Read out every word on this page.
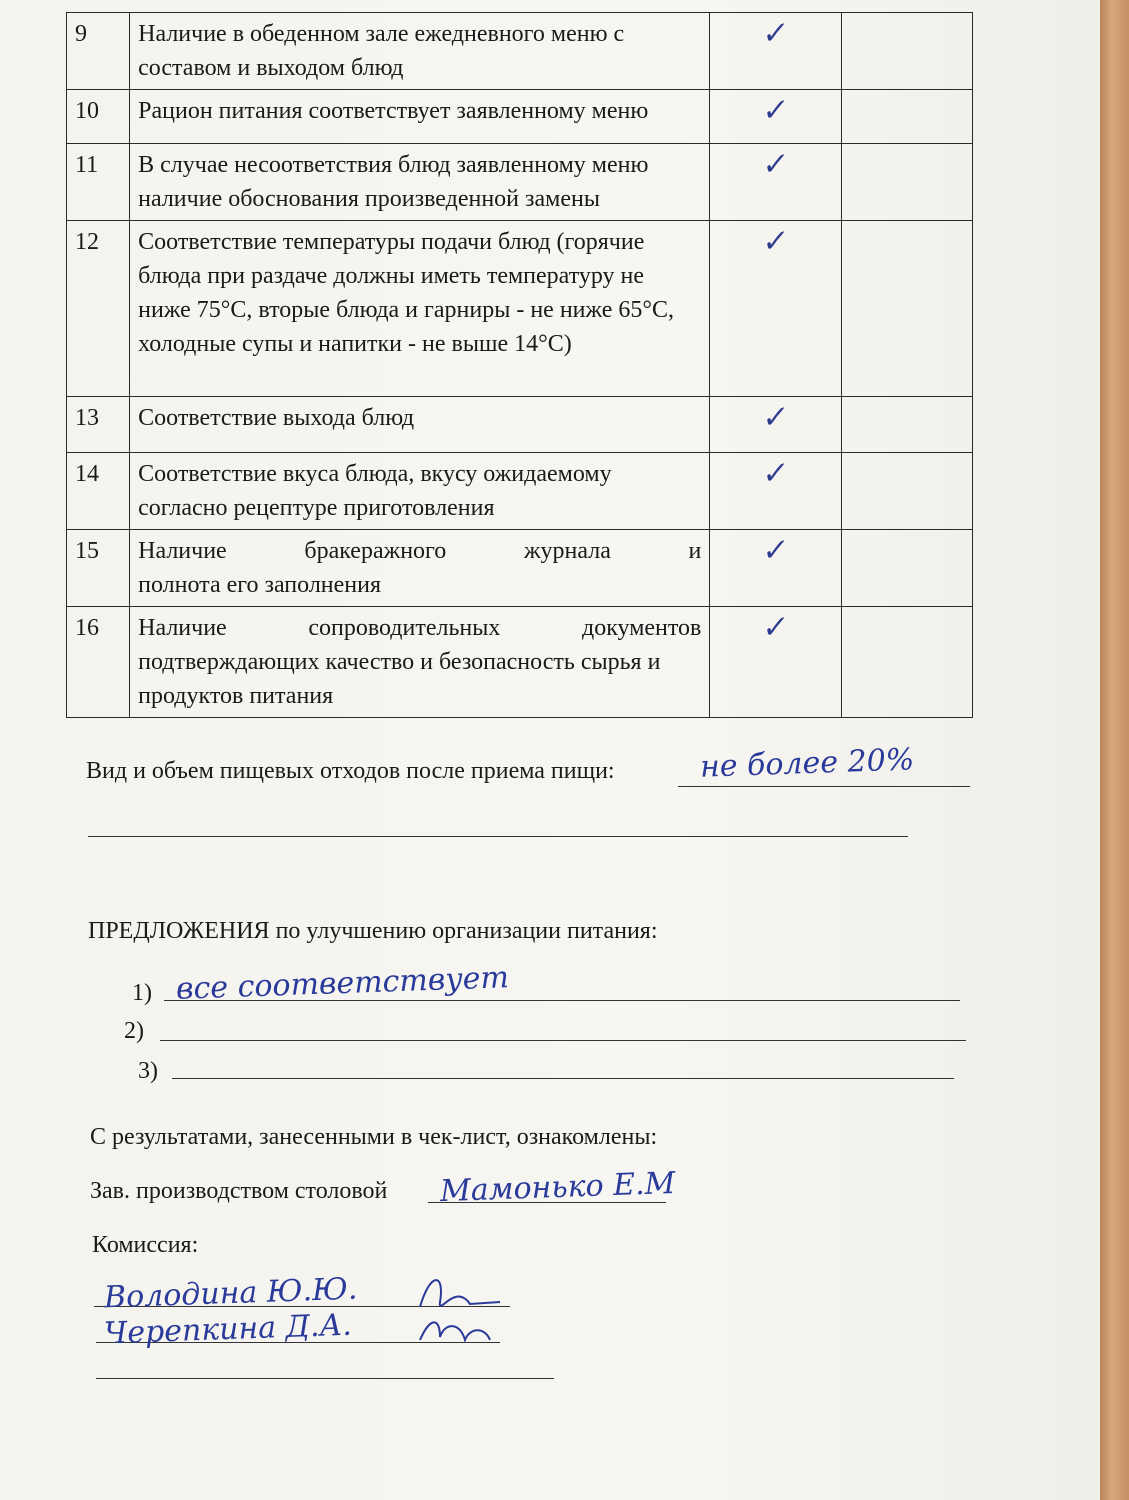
9	Наличие в обеденном зале ежедневного меню с составом и выходом блюд	✓	
10	Рацион питания соответствует заявленному меню	✓	
11	В случае несоответствия блюд заявленному меню наличие обоснования произведенной замены	✓	
12	Соответствие температуры подачи блюд (горячие блюда при раздаче должны иметь температуру не ниже 75°С, вторые блюда и гарниры - не ниже 65°С, холодные супы и напитки - не выше 14°С)	✓	
13	Соответствие выхода блюд	✓	
14	Соответствие вкуса блюда, вкусу ожидаемому согласно рецептуре приготовления	✓	
15	Наличие бракеражного журнала и
полнота его заполнения	✓	
16	Наличие сопроводительных документов
подтверждающих качество и безопасность сырья и продуктов питания	✓	
Вид и объем пищевых отходов после приема пищи:	не более 20%
ПРЕДЛОЖЕНИЯ по улучшению организации питания:
1) все соответствует
2)
3)
С результатами, занесенными в чек-лист, ознакомлены:
Зав. производством столовой Мамонько Е.М
Комиссия:
Володина Ю.Ю.
Черепкина Д.А.
